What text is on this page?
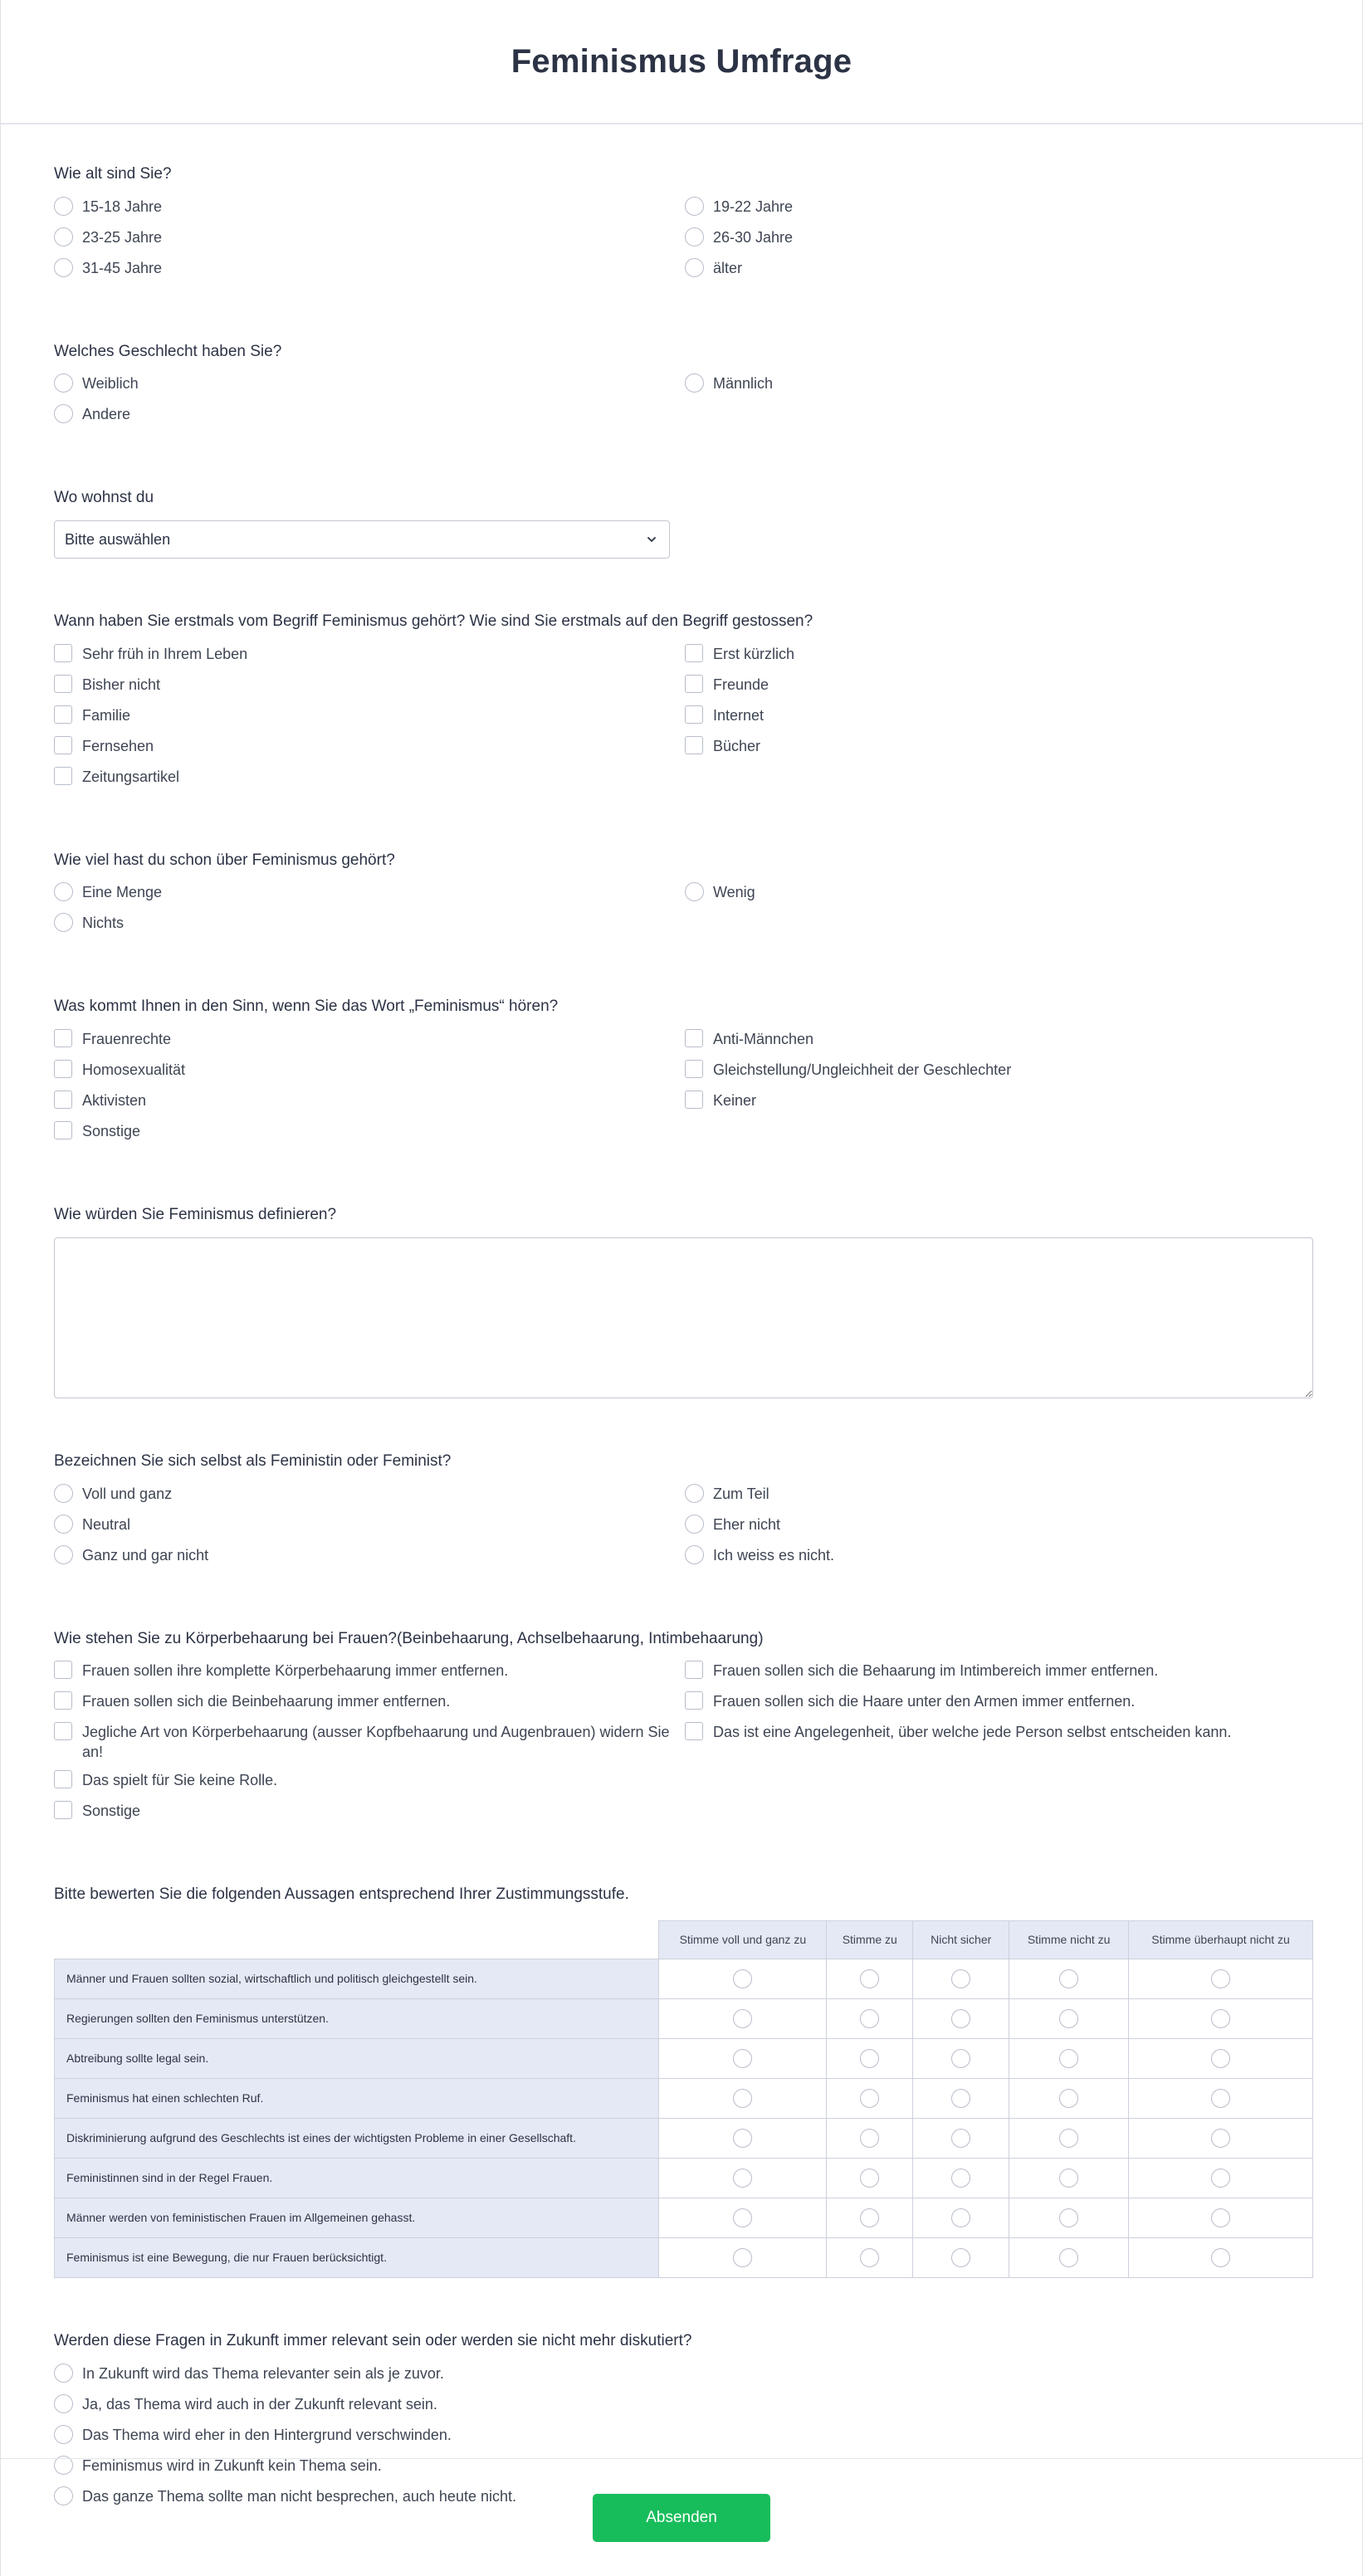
Feminismus Umfrage
Wie alt sind Sie?
15-18 Jahre	19-22 Jahre
23-25 Jahre	26-30 Jahre
31-45 Jahre	älter
Welches Geschlecht haben Sie?
Weiblich	Männlich
Andere
Wo wohnst du
Bitte auswählen
Wann haben Sie erstmals vom Begriff Feminismus gehört? Wie sind Sie erstmals auf den Begriff gestossen?
Sehr früh in Ihrem Leben	Erst kürzlich
Bisher nicht	Freunde
Familie	Internet
Fernsehen	Bücher
Zeitungsartikel
Wie viel hast du schon über Feminismus gehört?
Eine Menge	Wenig
Nichts
Was kommt Ihnen in den Sinn, wenn Sie das Wort „Feminismus“ hören?
Frauenrechte	Anti-Männchen
Homosexualität	Gleichstellung/Ungleichheit der Geschlechter
Aktivisten	Keiner
Sonstige
Wie würden Sie Feminismus definieren?
Bezeichnen Sie sich selbst als Feministin oder Feminist?
Voll und ganz	Zum Teil
Neutral	Eher nicht
Ganz und gar nicht	Ich weiss es nicht.
Wie stehen Sie zu Körperbehaarung bei Frauen?(Beinbehaarung, Achselbehaarung, Intimbehaarung)
Frauen sollen ihre komplette Körperbehaarung immer entfernen.	Frauen sollen sich die Behaarung im Intimbereich immer entfernen.
Frauen sollen sich die Beinbehaarung immer entfernen.	Frauen sollen sich die Haare unter den Armen immer entfernen.
Jegliche Art von Körperbehaarung (ausser Kopfbehaarung und Augenbrauen) widern Sie an!
Das ist eine Angelegenheit, über welche jede Person selbst entscheiden kann.
Das spielt für Sie keine Rolle.
Sonstige
Bitte bewerten Sie die folgenden Aussagen entsprechend Ihrer Zustimmungsstufe.
	Stimme voll und ganz zu	Stimme zu	Nicht sicher	Stimme nicht zu	Stimme überhaupt nicht zu
Männer und Frauen sollten sozial, wirtschaftlich und politisch gleichgestellt sein.					
Regierungen sollten den Feminismus unterstützen.					
Abtreibung sollte legal sein.					
Feminismus hat einen schlechten Ruf.					
Diskriminierung aufgrund des Geschlechts ist eines der wichtigsten Probleme in einer Gesellschaft.					
Feministinnen sind in der Regel Frauen.					
Männer werden von feministischen Frauen im Allgemeinen gehasst.					
Feminismus ist eine Bewegung, die nur Frauen berücksichtigt.					
Werden diese Fragen in Zukunft immer relevant sein oder werden sie nicht mehr diskutiert?
In Zukunft wird das Thema relevanter sein als je zuvor.
Ja, das Thema wird auch in der Zukunft relevant sein.
Das Thema wird eher in den Hintergrund verschwinden.
Feminismus wird in Zukunft kein Thema sein.
Das ganze Thema sollte man nicht besprechen, auch heute nicht.
Absenden
